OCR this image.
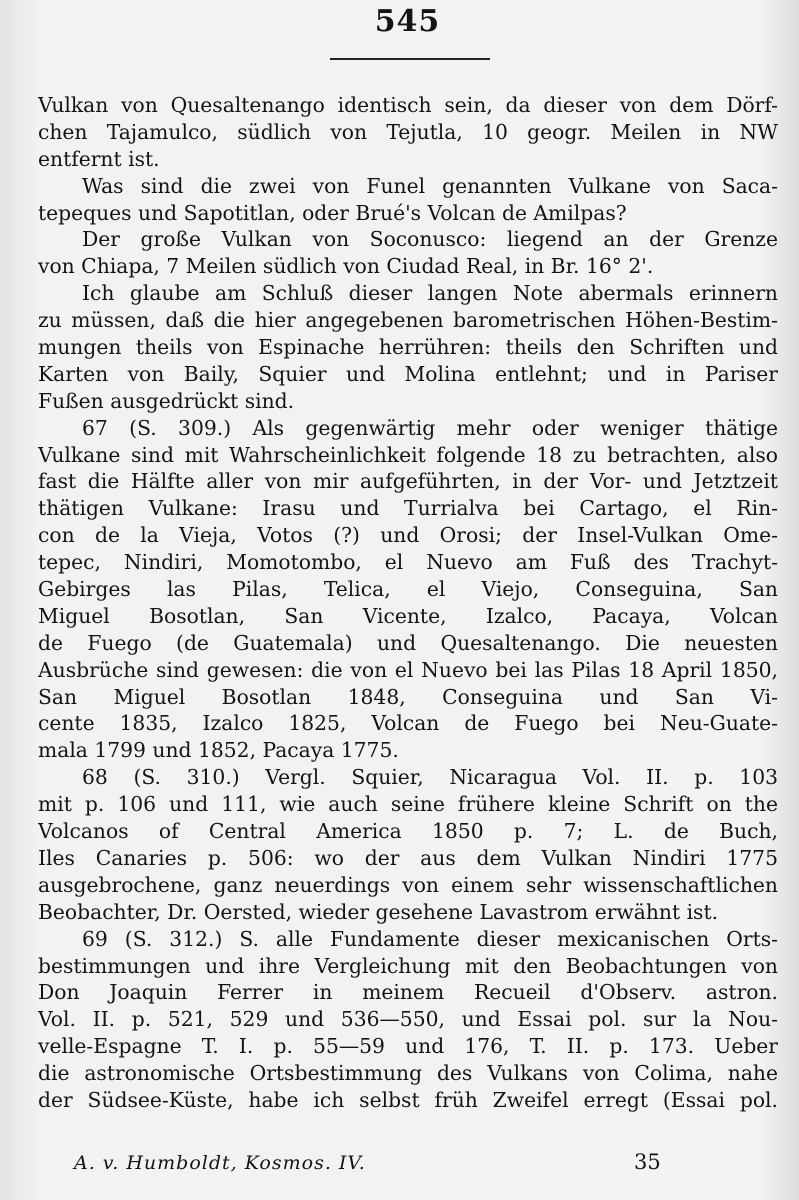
545
Vulkan von Quesaltenango identisch sein, da dieser von dem Dörf-
chen Tajamulco, südlich von Tejutla, 10 geogr. Meilen in NW
entfernt ist.
Was sind die zwei von Funel genannten Vulkane von Saca-
tepeques und Sapotitlan, oder Brué's Volcan de Amilpas?
Der große Vulkan von Soconusco: liegend an der Grenze
von Chiapa, 7 Meilen südlich von Ciudad Real, in Br. 16° 2'.
Ich glaube am Schluß dieser langen Note abermals erinnern
zu müssen, daß die hier angegebenen barometrischen Höhen-Bestim-
mungen theils von Espinache herrühren: theils den Schriften und
Karten von Baily, Squier und Molina entlehnt; und in Pariser
Fußen ausgedrückt sind.
67 (S. 309.) Als gegenwärtig mehr oder weniger thätige
Vulkane sind mit Wahrscheinlichkeit folgende 18 zu betrachten, also
fast die Hälfte aller von mir aufgeführten, in der Vor- und Jetztzeit
thätigen Vulkane: Irasu und Turrialva bei Cartago, el Rin-
con de la Vieja, Votos (?) und Orosi; der Insel-Vulkan Ome-
tepec, Nindiri, Momotombo, el Nuevo am Fuß des Trachyt-
Gebirges las Pilas, Telica, el Viejo, Conseguina, San
Miguel Bosotlan, San Vicente, Izalco, Pacaya, Volcan
de Fuego (de Guatemala) und Quesaltenango. Die neuesten
Ausbrüche sind gewesen: die von el Nuevo bei las Pilas 18 April 1850,
San Miguel Bosotlan 1848, Conseguina und San Vi-
cente 1835, Izalco 1825, Volcan de Fuego bei Neu-Guate-
mala 1799 und 1852, Pacaya 1775.
68 (S. 310.) Vergl. Squier, Nicaragua Vol. II. p. 103
mit p. 106 und 111, wie auch seine frühere kleine Schrift on the
Volcanos of Central America 1850 p. 7; L. de Buch,
Iles Canaries p. 506: wo der aus dem Vulkan Nindiri 1775
ausgebrochene, ganz neuerdings von einem sehr wissenschaftlichen
Beobachter, Dr. Oersted, wieder gesehene Lavastrom erwähnt ist.
69 (S. 312.) S. alle Fundamente dieser mexicanischen Orts-
bestimmungen und ihre Vergleichung mit den Beobachtungen von
Don Joaquin Ferrer in meinem Recueil d'Observ. astron.
Vol. II. p. 521, 529 und 536—550, und Essai pol. sur la Nou-
velle-Espagne T. I. p. 55—59 und 176, T. II. p. 173. Ueber
die astronomische Ortsbestimmung des Vulkans von Colima, nahe
der Südsee-Küste, habe ich selbst früh Zweifel erregt (Essai pol.
A. v. Humboldt, Kosmos. IV.	35
